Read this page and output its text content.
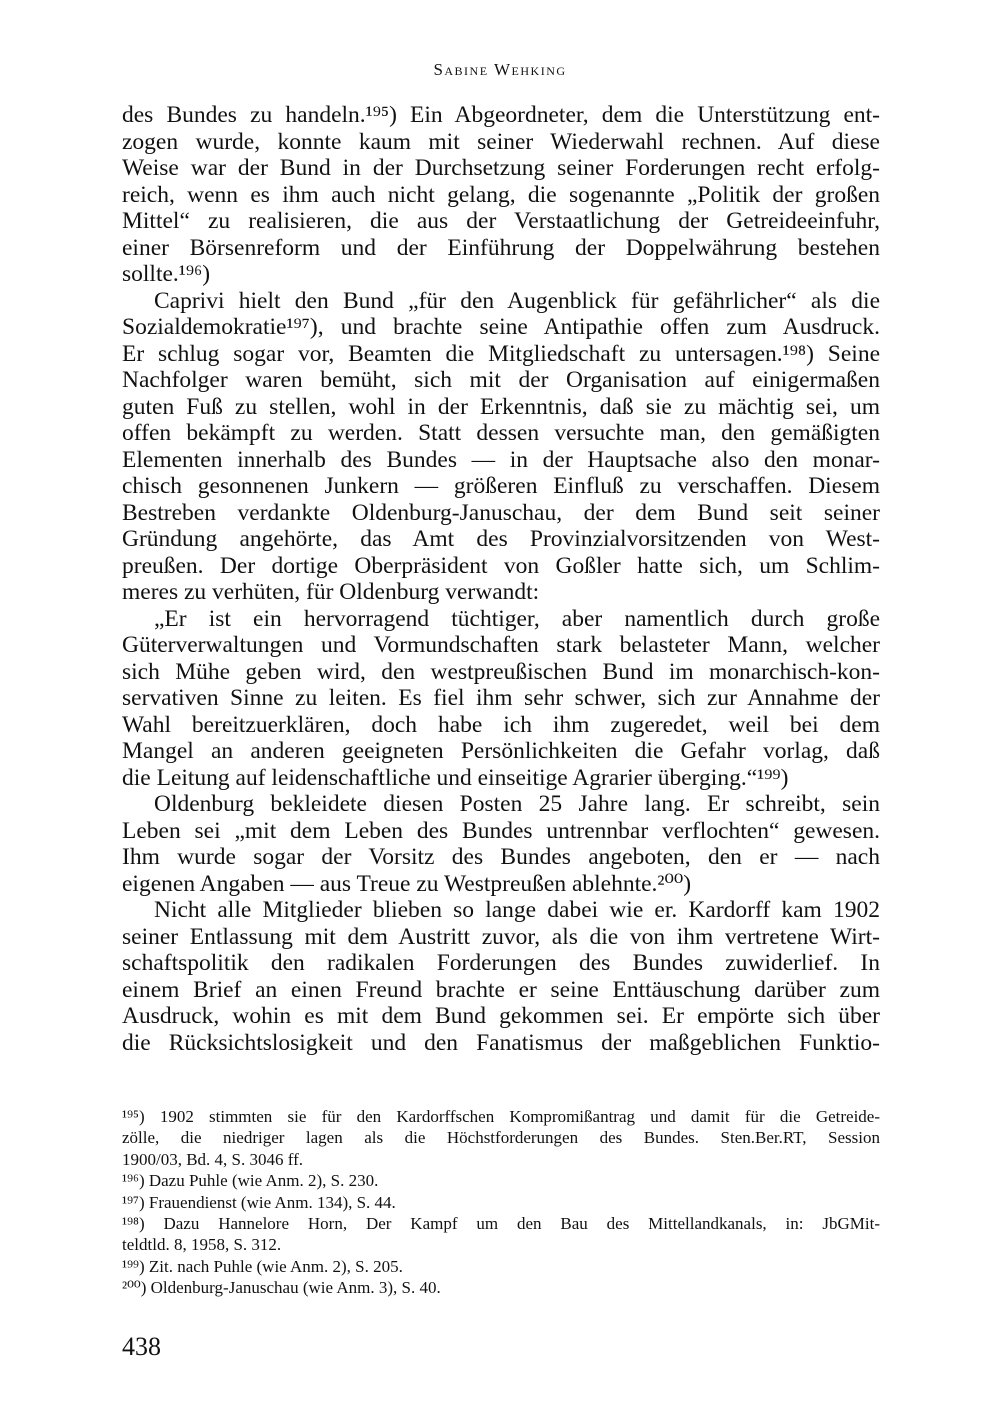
Sabine Wehking
des Bundes zu handeln.¹⁹⁵) Ein Abgeordneter, dem die Unterstützung ent-
zogen wurde, konnte kaum mit seiner Wiederwahl rechnen. Auf diese
Weise war der Bund in der Durchsetzung seiner Forderungen recht erfolg-
reich, wenn es ihm auch nicht gelang, die sogenannte „Politik der großen
Mittel“ zu realisieren, die aus der Verstaatlichung der Getreideeinfuhr,
einer Börsenreform und der Einführung der Doppelwährung bestehen
sollte.¹⁹⁶)
Caprivi hielt den Bund „für den Augenblick für gefährlicher“ als die
Sozialdemokratie¹⁹⁷), und brachte seine Antipathie offen zum Ausdruck.
Er schlug sogar vor, Beamten die Mitgliedschaft zu untersagen.¹⁹⁸) Seine
Nachfolger waren bemüht, sich mit der Organisation auf einigermaßen
guten Fuß zu stellen, wohl in der Erkenntnis, daß sie zu mächtig sei, um
offen bekämpft zu werden. Statt dessen versuchte man, den gemäßigten
Elementen innerhalb des Bundes — in der Hauptsache also den monar-
chisch gesonnenen Junkern — größeren Einfluß zu verschaffen. Diesem
Bestreben verdankte Oldenburg-Januschau, der dem Bund seit seiner
Gründung angehörte, das Amt des Provinzialvorsitzenden von West-
preußen. Der dortige Oberpräsident von Goßler hatte sich, um Schlim-
meres zu verhüten, für Oldenburg verwandt:
„Er ist ein hervorragend tüchtiger, aber namentlich durch große
Güterverwaltungen und Vormundschaften stark belasteter Mann, welcher
sich Mühe geben wird, den westpreußischen Bund im monarchisch-kon-
servativen Sinne zu leiten. Es fiel ihm sehr schwer, sich zur Annahme der
Wahl bereitzuerklären, doch habe ich ihm zugeredet, weil bei dem
Mangel an anderen geeigneten Persönlichkeiten die Gefahr vorlag, daß
die Leitung auf leidenschaftliche und einseitige Agrarier überging.“¹⁹⁹)
Oldenburg bekleidete diesen Posten 25 Jahre lang. Er schreibt, sein
Leben sei „mit dem Leben des Bundes untrennbar verflochten“ gewesen.
Ihm wurde sogar der Vorsitz des Bundes angeboten, den er — nach
eigenen Angaben — aus Treue zu Westpreußen ablehnte.²⁰⁰)
Nicht alle Mitglieder blieben so lange dabei wie er. Kardorff kam 1902
seiner Entlassung mit dem Austritt zuvor, als die von ihm vertretene Wirt-
schaftspolitik den radikalen Forderungen des Bundes zuwiderlief. In
einem Brief an einen Freund brachte er seine Enttäuschung darüber zum
Ausdruck, wohin es mit dem Bund gekommen sei. Er empörte sich über
die Rücksichtslosigkeit und den Fanatismus der maßgeblichen Funktio-
¹⁹⁵) 1902 stimmten sie für den Kardorffschen Kompromißantrag und damit für die Getreide-
zölle, die niedriger lagen als die Höchstforderungen des Bundes. Sten.Ber.RT, Session
1900/03, Bd. 4, S. 3046 ff.
¹⁹⁶) Dazu Puhle (wie Anm. 2), S. 230.
¹⁹⁷) Frauendienst (wie Anm. 134), S. 44.
¹⁹⁸) Dazu Hannelore Horn, Der Kampf um den Bau des Mittellandkanals, in: JbGMit-
teldtld. 8, 1958, S. 312.
¹⁹⁹) Zit. nach Puhle (wie Anm. 2), S. 205.
²⁰⁰) Oldenburg-Januschau (wie Anm. 3), S. 40.
438
